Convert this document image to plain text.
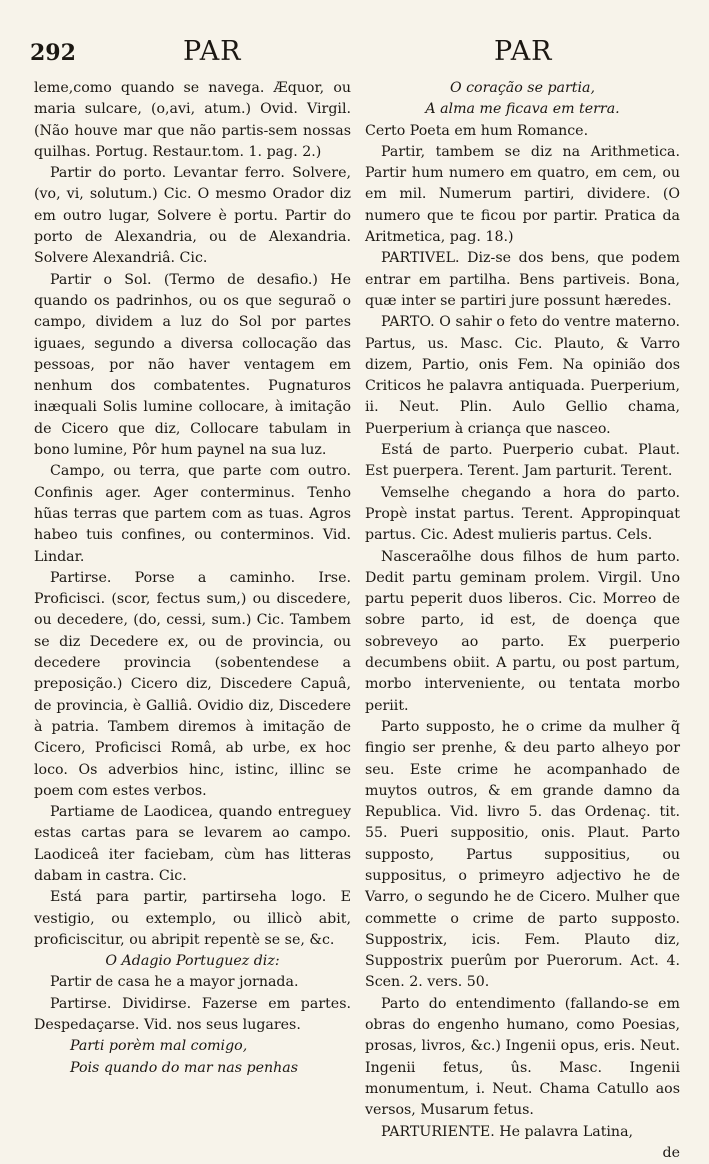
292	PAR	PAR

leme,como quando se navega. Æquor, ou maria sulcare, (o,avi, atum.) Ovid. Virgil. (Não houve mar que não partis-sem nossas quilhas. Portug. Restaur.tom. 1. pag. 2.)

Partir do porto. Levantar ferro. Solvere, (vo, vi, solutum.) Cic. O mesmo Orador diz em outro lugar, Solvere è portu. Partir do porto de Alexandria, ou de Alexandria. Solvere Alexandriâ. Cic.

Partir o Sol. (Termo de desafio.) He quando os padrinhos, ou os que seguraõ o campo, dividem a luz do Sol por partes iguaes, segundo a diversa collocação das pessoas, por não haver ventagem em nenhum dos combatentes. Pugnaturos inæquali Solis lumine collocare, à imitação de Cicero que diz, Collocare tabulam in bono lumine, Pôr hum paynel na sua luz.

Campo, ou terra, que parte com outro. Confinis ager. Ager conterminus. Tenho hũas terras que partem com as tuas. Agros habeo tuis confines, ou conterminos. Vid. Lindar.

Partirse. Porse a caminho. Irse. Proficisci. (scor, fectus sum,) ou discedere, ou decedere, (do, cessi, sum.) Cic. Tambem se diz Decedere ex, ou de provincia, ou decedere provincia (sobentendese a preposição.) Cicero diz, Discedere Capuâ, de provincia, è Galliâ. Ovidio diz, Discedere à patria. Tambem diremos à imitação de Cicero, Proficisci Româ, ab urbe, ex hoc loco. Os adverbios hinc, istinc, illinc se poem com estes verbos.

Partiame de Laodicea, quando entreguey estas cartas para se levarem ao campo. Laodiceâ iter faciebam, cùm has litteras dabam in castra. Cic.

Está para partir, partirseha logo. E vestigio, ou extemplo, ou illicò abit, proficiscitur, ou abripit repentè se se, &c.

O Adagio Portuguez diz:

Partir de casa he a mayor jornada.

Partirse. Dividirse. Fazerse em partes. Despedaçarse. Vid. nos seus lugares.

Parti porèm mal comigo,

Pois quando do mar nas penhas

O coração se partia,

A alma me ficava em terra.

Certo Poeta em hum Romance.

Partir, tambem se diz na Arithmetica. Partir hum numero em quatro, em cem, ou em mil. Numerum partiri, dividere. (O numero que te ficou por partir. Pratica da Aritmetica, pag. 18.)

PARTIVEL. Diz-se dos bens, que podem entrar em partilha. Bens partiveis. Bona, quæ inter se partiri jure possunt hæredes.

PARTO. O sahir o feto do ventre materno. Partus, us. Masc. Cic. Plauto, & Varro dizem, Partio, onis Fem. Na opinião dos Criticos he palavra antiquada. Puerperium, ii. Neut. Plin. Aulo Gellio chama, Puerperium à criança que nasceo.

Está de parto. Puerperio cubat. Plaut. Est puerpera. Terent. Jam parturit. Terent.

Vemselhe chegando a hora do parto. Propè instat partus. Terent. Appropinquat partus. Cic. Adest mulieris partus. Cels.

Nasceraõlhe dous filhos de hum parto. Dedit partu geminam prolem. Virgil. Uno partu peperit duos liberos. Cic. Morreo de sobre parto, id est, de doença que sobreveyo ao parto. Ex puerperio decumbens obiit. A partu, ou post partum, morbo interveniente, ou tentata morbo periit.

Parto supposto, he o crime da mulher q̃ fingio ser prenhe, & deu parto alheyo por seu. Este crime he acompanhado de muytos outros, & em grande damno da Republica. Vid. livro 5. das Ordenaç. tit. 55. Pueri suppositio, onis. Plaut. Parto supposto, Partus suppositius, ou suppositus, o primeyro adjectivo he de Varro, o segundo he de Cicero. Mulher que commette o crime de parto supposto. Suppostrix, icis. Fem. Plauto diz, Suppostrix puerûm por Puerorum. Act. 4. Scen. 2. vers. 50.

Parto do entendimento (fallando-se em obras do engenho humano, como Poesias, prosas, livros, &c.) Ingenii opus, eris. Neut. Ingenii fetus, ûs. Masc. Ingenii monumentum, i. Neut. Chama Catullo aos versos, Musarum fetus.

PARTURIENTE. He palavra Latina,

de
